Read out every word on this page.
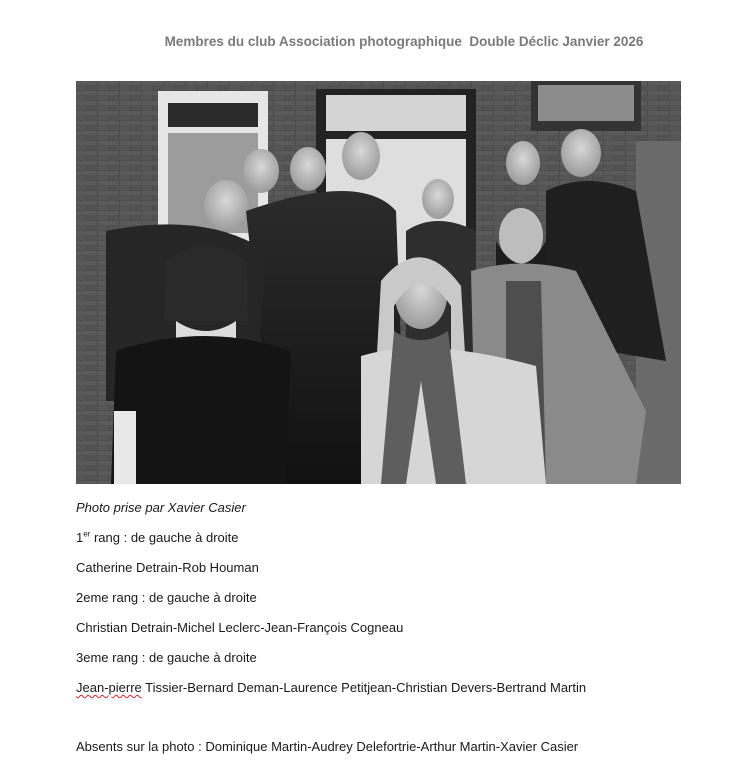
Membres du club Association photographique  Double Déclic Janvier 2026
Photo prise par Xavier Casier
1er rang : de gauche à droite
Catherine Detrain-Rob Houman
2eme rang : de gauche à droite
Christian Detrain-Michel Leclerc-Jean-François Cogneau
3eme rang : de gauche à droite
Jean-pierre Tissier-Bernard Deman-Laurence Petitjean-Christian Devers-Bertrand Martin
Absents sur la photo : Dominique Martin-Audrey Delefortrie-Arthur Martin-Xavier Casier
